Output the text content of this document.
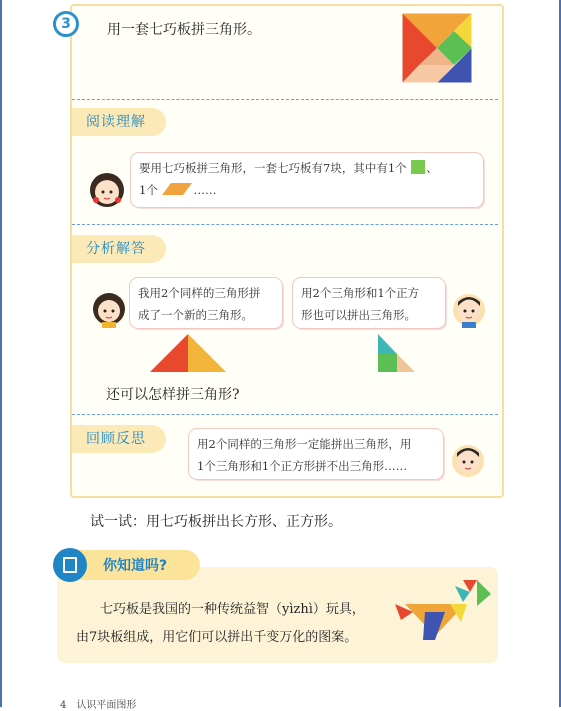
3	用一套七巧板拼三角形。
阅读理解
要用七巧板拼三角形，一套七巧板有7块，其中有1个 、
1个	……
分析解答
我用2个同样的三角形拼
成了一个新的三角形。
用2个三角形和1个正方
形也可以拼出三角形。
还可以怎样拼三角形?
回顾反思	用2个同样的三角形一定能拼出三角形，用
1个三角形和1个正方形拼不出三角形……
试一试：用七巧板拼出长方形、正方形。
你知道吗?
七巧板是我国的一种传统益智（yìzhì）玩具，
由7块板组成，用它们可以拼出千变万化的图案。
4　认识平面图形
